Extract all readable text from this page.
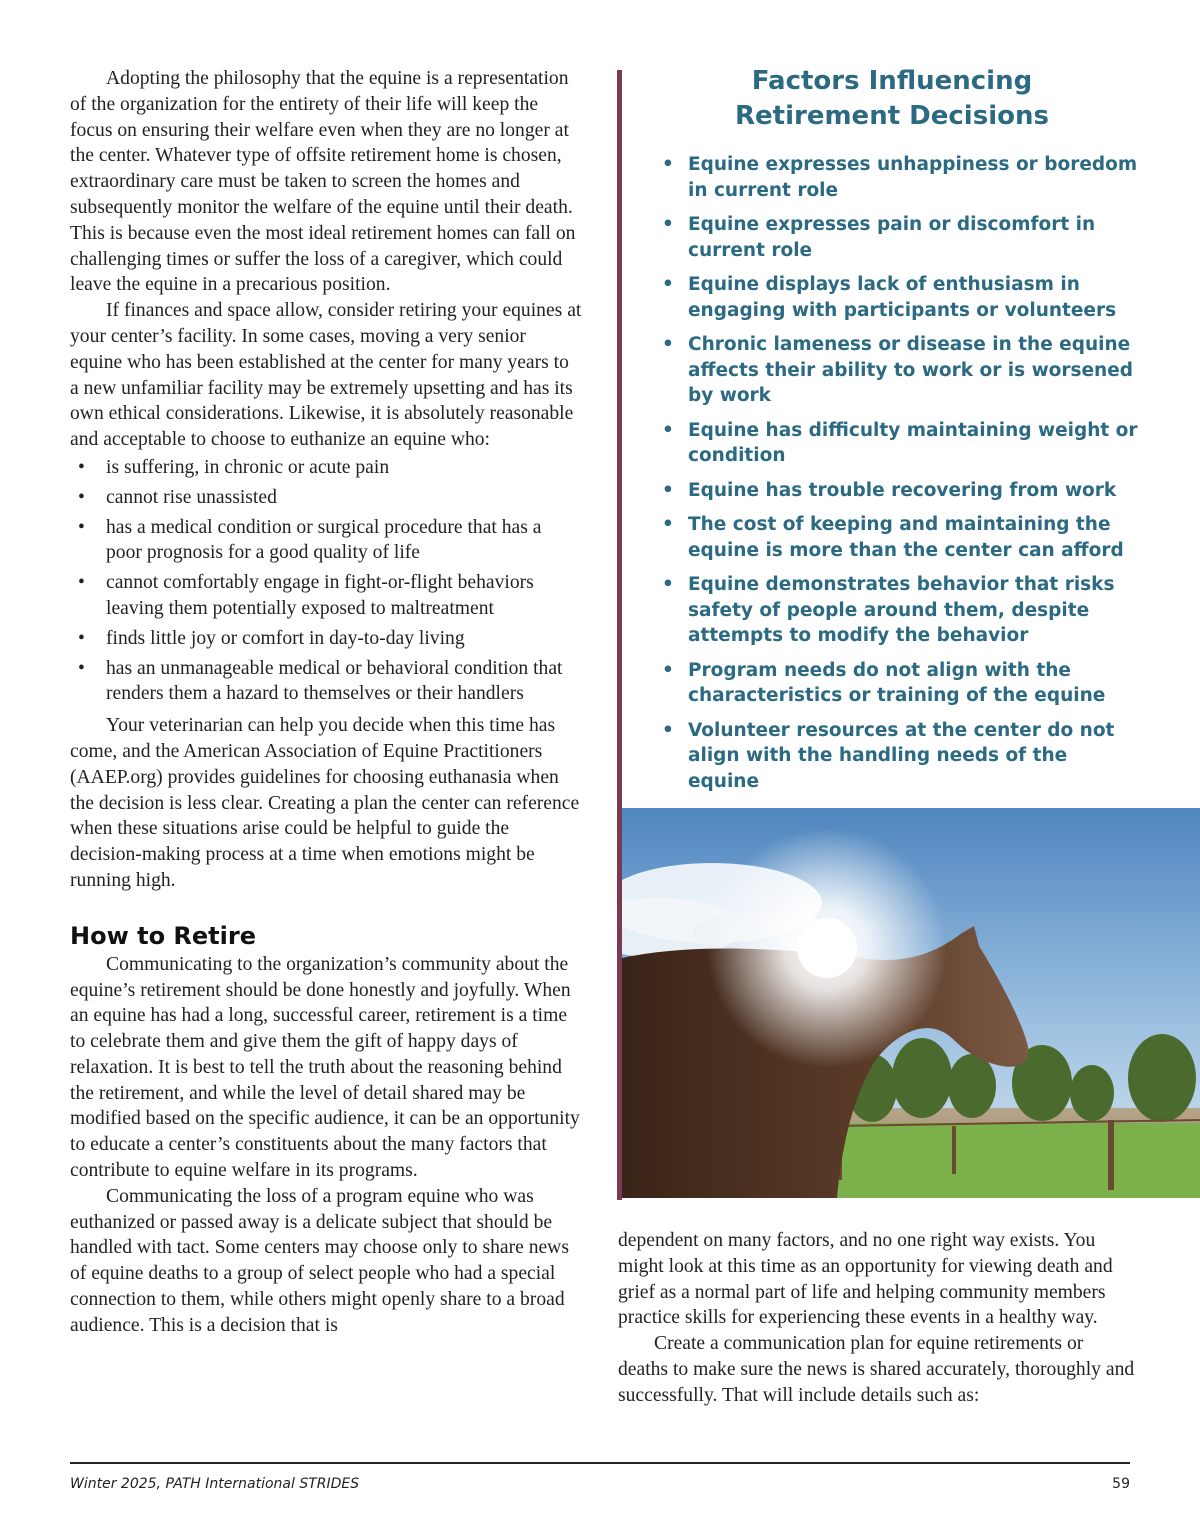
Adopting the philosophy that the equine is a representation of the organization for the entirety of their life will keep the focus on ensuring their welfare even when they are no longer at the center. Whatever type of offsite retirement home is chosen, extraordinary care must be taken to screen the homes and subsequently monitor the welfare of the equine until their death. This is because even the most ideal retirement homes can fall on challenging times or suffer the loss of a caregiver, which could leave the equine in a precarious position.

If finances and space allow, consider retiring your equines at your center’s facility. In some cases, moving a very senior equine who has been established at the center for many years to a new unfamiliar facility may be extremely upsetting and has its own ethical considerations. Likewise, it is absolutely reasonable and acceptable to choose to euthanize an equine who:

• is suffering, in chronic or acute pain
• cannot rise unassisted
• has a medical condition or surgical procedure that has a poor prognosis for a good quality of life
• cannot comfortably engage in fight-or-flight behaviors leaving them potentially exposed to maltreatment
• finds little joy or comfort in day-to-day living
• has an unmanageable medical or behavioral condition that renders them a hazard to themselves or their handlers

Your veterinarian can help you decide when this time has come, and the American Association of Equine Practitioners (AAEP.org) provides guidelines for choosing euthanasia when the decision is less clear. Creating a plan the center can reference when these situations arise could be helpful to guide the decision-making process at a time when emotions might be running high.

How to Retire

Communicating to the organization’s community about the equine’s retirement should be done honestly and joyfully. When an equine has had a long, successful career, retirement is a time to celebrate them and give them the gift of happy days of relaxation. It is best to tell the truth about the reasoning behind the retirement, and while the level of detail shared may be modified based on the specific audience, it can be an opportunity to educate a center’s constituents about the many factors that contribute to equine welfare in its programs.

Communicating the loss of a program equine who was euthanized or passed away is a delicate subject that should be handled with tact. Some centers may choose only to share news of equine deaths to a group of select people who had a special connection to them, while others might openly share to a broad audience. This is a decision that is

Factors Influencing
Retirement Decisions
• Equine expresses unhappiness or boredom in current role
• Equine expresses pain or discomfort in current role
• Equine displays lack of enthusiasm in engaging with participants or volunteers
• Chronic lameness or disease in the equine affects their ability to work or is worsened by work
• Equine has difficulty maintaining weight or condition
• Equine has trouble recovering from work
• The cost of keeping and maintaining the equine is more than the center can afford
• Equine demonstrates behavior that risks safety of people around them, despite attempts to modify the behavior
• Program needs do not align with the characteristics or training of the equine
• Volunteer resources at the center do not align with the handling needs of the equine

dependent on many factors, and no one right way exists. You might look at this time as an opportunity for viewing death and grief as a normal part of life and helping community members practice skills for experiencing these events in a healthy way.

Create a communication plan for equine retirements or deaths to make sure the news is shared accurately, thoroughly and successfully. That will include details such as:

Winter 2025, PATH International STRIDES	59
